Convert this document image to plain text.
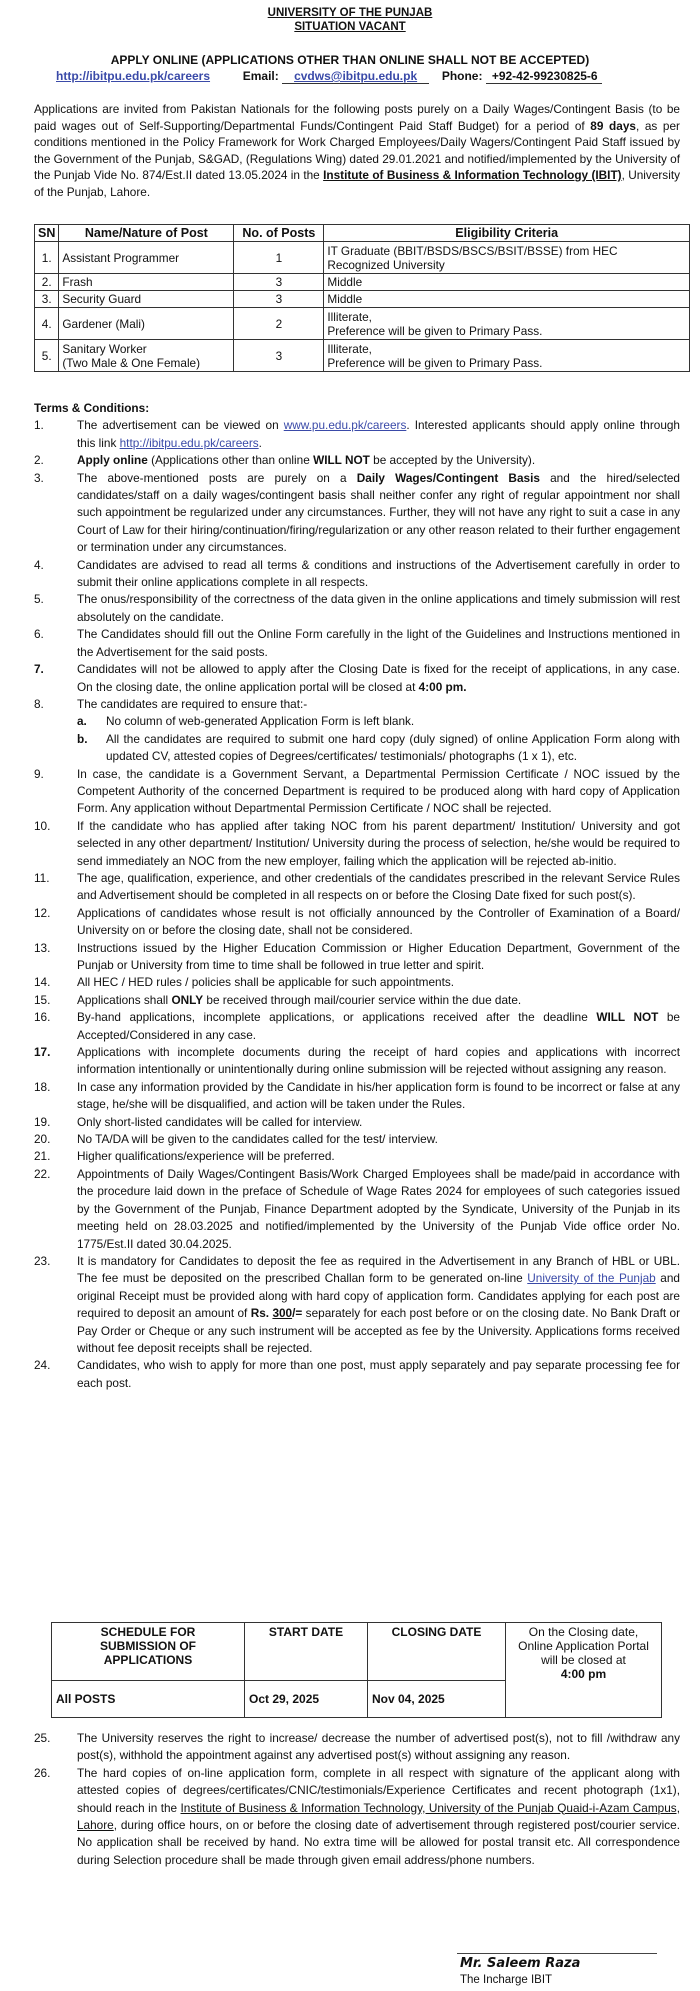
UNIVERSITY OF THE PUNJAB
SITUATION VACANT
APPLY ONLINE (APPLICATIONS OTHER THAN ONLINE SHALL NOT BE ACCEPTED)
http://ibitpu.edu.pk/careers	Email: cvdws@ibitpu.edu.pk Phone: +92-42-99230825-6
Applications are invited from Pakistan Nationals for the following posts purely on a Daily Wages/Contingent Basis (to be paid wages out of Self-Supporting/Departmental Funds/Contingent Paid Staff Budget) for a period of 89 days, as per conditions mentioned in the Policy Framework for Work Charged Employees/Daily Wagers/Contingent Paid Staff issued by the Government of the Punjab, S&GAD, (Regulations Wing) dated 29.01.2021 and notified/implemented by the University of the Punjab Vide No. 874/Est.II dated 13.05.2024 in the Institute of Business & Information Technology (IBIT), University of the Punjab, Lahore.
SN	Name/Nature of Post	No. of Posts	Eligibility Criteria
1.	Assistant Programmer	1	IT Graduate (BBIT/BSDS/BSCS/BSIT/BSSE) from HEC
Recognized University

2.	Frash	3	Middle
3.	Security Guard	3	Middle
4.	Gardener (Mali)	2	Illiterate,
Preference will be given to Primary Pass.

5.	Sanitary Worker
(Two Male & One Female)	3	Illiterate,
Preference will be given to Primary Pass.
Terms & Conditions:
1.	The advertisement can be viewed on www.pu.edu.pk/careers. Interested applicants should apply online through this link http://ibitpu.edu.pk/careers.
2.	Apply online (Applications other than online WILL NOT be accepted by the University).
3.	The above-mentioned posts are purely on a Daily Wages/Contingent Basis and the hired/selected candidates/staff on a daily wages/contingent basis shall neither confer any right of regular appointment nor shall such appointment be regularized under any circumstances. Further, they will not have any right to suit a case in any Court of Law for their hiring/continuation/firing/regularization or any other reason related to their further engagement or termination under any circumstances.
4.	Candidates are advised to read all terms & conditions and instructions of the Advertisement carefully in order to submit their online applications complete in all respects.
5.	The onus/responsibility of the correctness of the data given in the online applications and timely submission will rest absolutely on the candidate.
6.	The Candidates should fill out the Online Form carefully in the light of the Guidelines and Instructions mentioned in the Advertisement for the said posts.
7.	Candidates will not be allowed to apply after the Closing Date is fixed for the receipt of applications, in any case. On the closing date, the online application portal will be closed at 4:00 pm.
8.	The candidates are required to ensure that:-
a.	No column of web-generated Application Form is left blank.
b.	All the candidates are required to submit one hard copy (duly signed) of online Application Form along with updated CV, attested copies of Degrees/certificates/ testimonials/ photographs (1 x 1), etc.
9.	In case, the candidate is a Government Servant, a Departmental Permission Certificate / NOC issued by the Competent Authority of the concerned Department is required to be produced along with hard copy of Application Form. Any application without Departmental Permission Certificate / NOC shall be rejected.
10.	If the candidate who has applied after taking NOC from his parent department/ Institution/ University and got selected in any other department/ Institution/ University during the process of selection, he/she would be required to send immediately an NOC from the new employer, failing which the application will be rejected ab-initio.
11.	The age, qualification, experience, and other credentials of the candidates prescribed in the relevant Service Rules and Advertisement should be completed in all respects on or before the Closing Date fixed for such post(s).
12.	Applications of candidates whose result is not officially announced by the Controller of Examination of a Board/ University on or before the closing date, shall not be considered.
13.	Instructions issued by the Higher Education Commission or Higher Education Department, Government of the Punjab or University from time to time shall be followed in true letter and spirit.
14.	All HEC / HED rules / policies shall be applicable for such appointments.
15.	Applications shall ONLY be received through mail/courier service within the due date.
16.	By-hand applications, incomplete applications, or applications received after the deadline WILL NOT be Accepted/Considered in any case.
17.	Applications with incomplete documents during the receipt of hard copies and applications with incorrect information intentionally or unintentionally during online submission will be rejected without assigning any reason.
18.	In case any information provided by the Candidate in his/her application form is found to be incorrect or false at any stage, he/she will be disqualified, and action will be taken under the Rules.
19.	Only short-listed candidates will be called for interview.
20.	No TA/DA will be given to the candidates called for the test/ interview.
21.	Higher qualifications/experience will be preferred.
22.	Appointments of Daily Wages/Contingent Basis/Work Charged Employees shall be made/paid in accordance with the procedure laid down in the preface of Schedule of Wage Rates 2024 for employees of such categories issued by the Government of the Punjab, Finance Department adopted by the Syndicate, University of the Punjab in its meeting held on 28.03.2025 and notified/implemented by the University of the Punjab Vide office order No. 1775/Est.II dated 30.04.2025.
23.	It is mandatory for Candidates to deposit the fee as required in the Advertisement in any Branch of HBL or UBL. The fee must be deposited on the prescribed Challan form to be generated on-line University of the Punjab and original Receipt must be provided along with hard copy of application form. Candidates applying for each post are required to deposit an amount of Rs. 300/= separately for each post before or on the closing date. No Bank Draft or Pay Order or Cheque or any such instrument will be accepted as fee by the University. Applications forms received without fee deposit receipts shall be rejected.
24.	Candidates, who wish to apply for more than one post, must apply separately and pay separate processing fee for each post.
SCHEDULE FOR SUBMISSION OF APPLICATIONS	START DATE	CLOSING DATE	On the Closing date, Online Application Portal will be closed at
4:00 pm

All POSTS	Oct 29, 2025	Nov 04, 2025	
25.	The University reserves the right to increase/ decrease the number of advertised post(s), not to fill /withdraw any post(s), withhold the appointment against any advertised post(s) without assigning any reason.
26.	The hard copies of on-line application form, complete in all respect with signature of the applicant along with attested copies of degrees/certificates/CNIC/testimonials/Experience Certificates and recent photograph (1x1), should reach in the Institute of Business & Information Technology, University of the Punjab Quaid-i-Azam Campus, Lahore, during office hours, on or before the closing date of advertisement through registered post/courier service. No application shall be received by hand. No extra time will be allowed for postal transit etc. All correspondence during Selection procedure shall be made through given email address/phone numbers.
Mr. Saleem Raza
The Incharge IBIT
